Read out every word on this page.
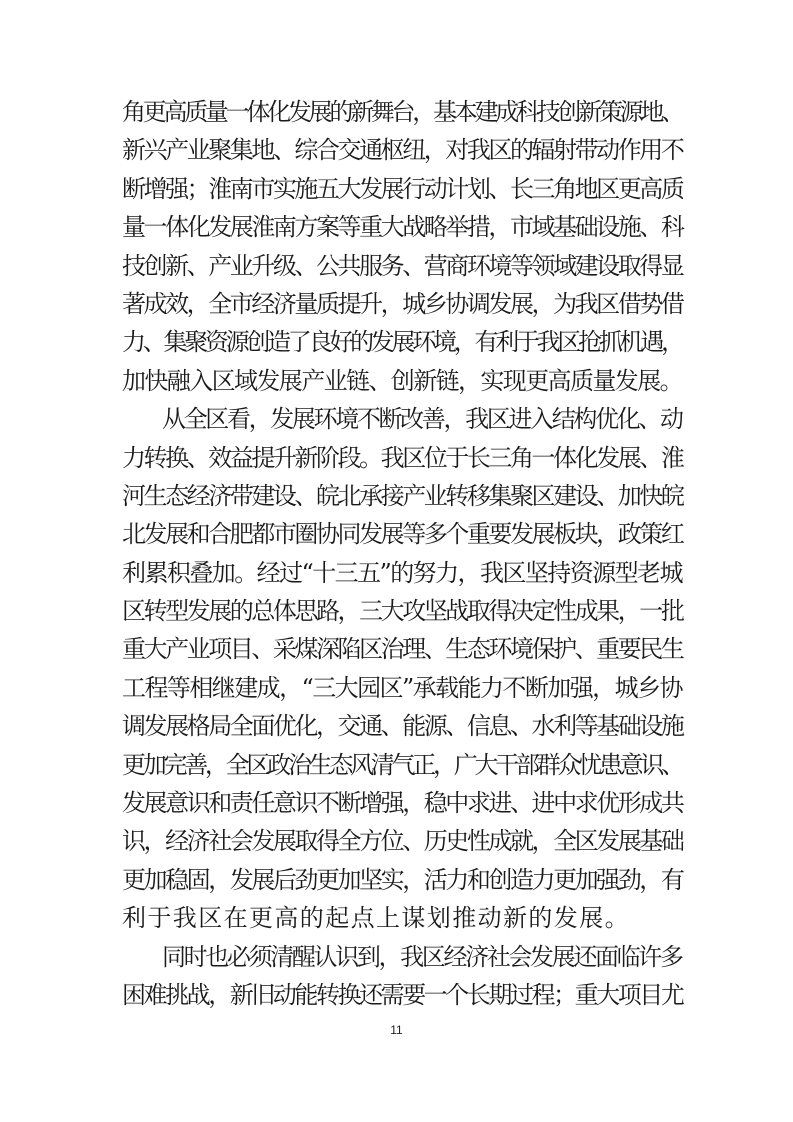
角更高质量一体化发展的新舞台，基本建成科技创新策源地、
新兴产业聚集地、综合交通枢纽，对我区的辐射带动作用不
断增强；淮南市实施五大发展行动计划、长三角地区更高质
量一体化发展淮南方案等重大战略举措，市域基础设施、科
技创新、产业升级、公共服务、营商环境等领域建设取得显
著成效，全市经济量质提升，城乡协调发展，为我区借势借
力、集聚资源创造了良好的发展环境，有利于我区抢抓机遇，
加快融入区域发展产业链、创新链，实现更高质量发展。
从全区看，发展环境不断改善，我区进入结构优化、动
力转换、效益提升新阶段。我区位于长三角一体化发展、淮
河生态经济带建设、皖北承接产业转移集聚区建设、加快皖
北发展和合肥都市圈协同发展等多个重要发展板块，政策红
利累积叠加。经过“十三五”的努力，我区坚持资源型老城
区转型发展的总体思路，三大攻坚战取得决定性成果，一批
重大产业项目、采煤深陷区治理、生态环境保护、重要民生
工程等相继建成，“三大园区”承载能力不断加强，城乡协
调发展格局全面优化，交通、能源、信息、水利等基础设施
更加完善，全区政治生态风清气正，广大干部群众忧患意识、
发展意识和责任意识不断增强，稳中求进、进中求优形成共
识，经济社会发展取得全方位、历史性成就，全区发展基础
更加稳固，发展后劲更加坚实，活力和创造力更加强劲，有
利于我区在更高的起点上谋划推动新的发展。
同时也必须清醒认识到，我区经济社会发展还面临许多
困难挑战，新旧动能转换还需要一个长期过程；重大项目尤
11
